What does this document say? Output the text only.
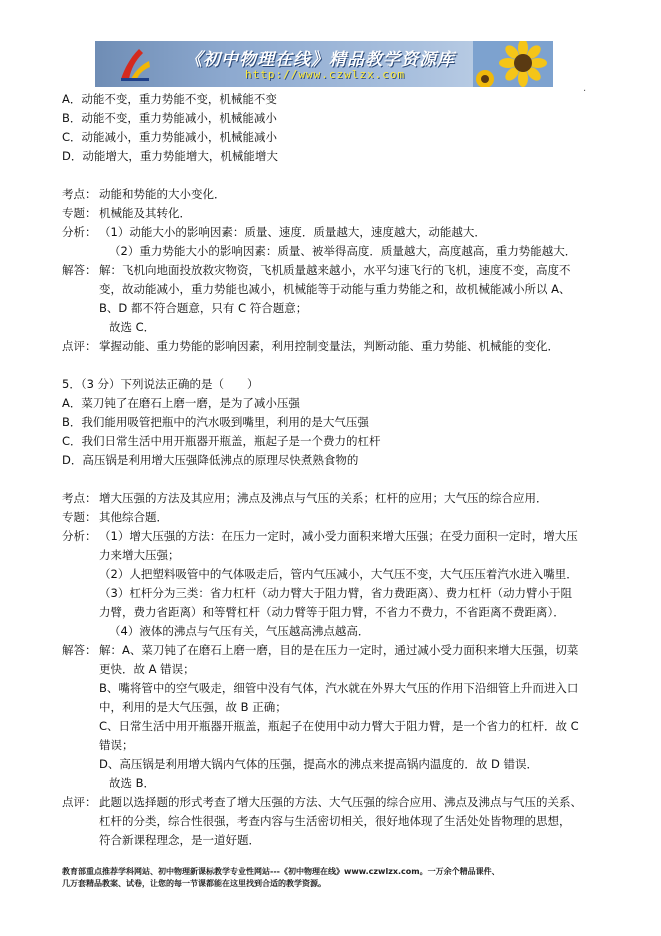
《初中物理在线》精品教学资源库
http://www.czwlzx.com
·
A．动能不变，重力势能不变，机械能不变
B．动能不变，重力势能减小，机械能减小
C．动能减小，重力势能减小，机械能减小
D．动能增大，重力势能增大，机械能增大
考点： 动能和势能的大小变化．
专题： 机械能及其转化．
分析： （1）动能大小的影响因素：质量、速度．质量越大，速度越大，动能越大．
（2）重力势能大小的影响因素：质量、被举得高度．质量越大，高度越高，重力势能越大．
解答： 解：飞机向地面投放救灾物资，飞机质量越来越小，水平匀速飞行的飞机，速度不变，高度不
变，故动能减小，重力势能也减小，机械能等于动能与重力势能之和，故机械能减小所以 A、
B、D 都不符合题意，只有 C 符合题意；
故选 C．
点评： 掌握动能、重力势能的影响因素，利用控制变量法，判断动能、重力势能、机械能的变化．
5．（3 分）下列说法正确的是（　　）
A．菜刀钝了在磨石上磨一磨，是为了减小压强
B．我们能用吸管把瓶中的汽水吸到嘴里，利用的是大气压强
C．我们日常生活中用开瓶器开瓶盖，瓶起子是一个费力的杠杆
D．高压锅是利用增大压强降低沸点的原理尽快煮熟食物的
考点： 增大压强的方法及其应用；沸点及沸点与气压的关系；杠杆的应用；大气压的综合应用．
专题： 其他综合题．
分析： （1）增大压强的方法：在压力一定时，减小受力面积来增大压强；在受力面积一定时，增大压
力来增大压强；
（2）人把塑料吸管中的气体吸走后，管内气压减小，大气压不变，大气压压着汽水进入嘴里．
（3）杠杆分为三类：省力杠杆（动力臂大于阻力臂，省力费距离）、费力杠杆（动力臂小于阻
力臂，费力省距离）和等臂杠杆（动力臂等于阻力臂，不省力不费力，不省距离不费距离）．
（4）液体的沸点与气压有关，气压越高沸点越高．
解答： 解：A、菜刀钝了在磨石上磨一磨，目的是在压力一定时，通过减小受力面积来增大压强，切菜
更快．故 A 错误；
B、嘴将管中的空气吸走，细管中没有气体，汽水就在外界大气压的作用下沿细管上升而进入口
中，利用的是大气压强，故 B 正确；
C、日常生活中用开瓶器开瓶盖，瓶起子在使用中动力臂大于阻力臂，是一个省力的杠杆．故 C
错误；
D、高压锅是利用增大锅内气体的压强，提高水的沸点来提高锅内温度的．故 D 错误．
故选 B．
点评： 此题以选择题的形式考查了增大压强的方法、大气压强的综合应用、沸点及沸点与气压的关系、
杠杆的分类，综合性很强，考查内容与生活密切相关，很好地体现了生活处处皆物理的思想，
符合新课程理念，是一道好题．
教育部重点推荐学科网站、初中物理新课标教学专业性网站---《初中物理在线》www.czwlzx.com。一万余个精品课件、
几万套精品教案、试卷，让您的每一节课都能在这里找到合适的教学资源。
